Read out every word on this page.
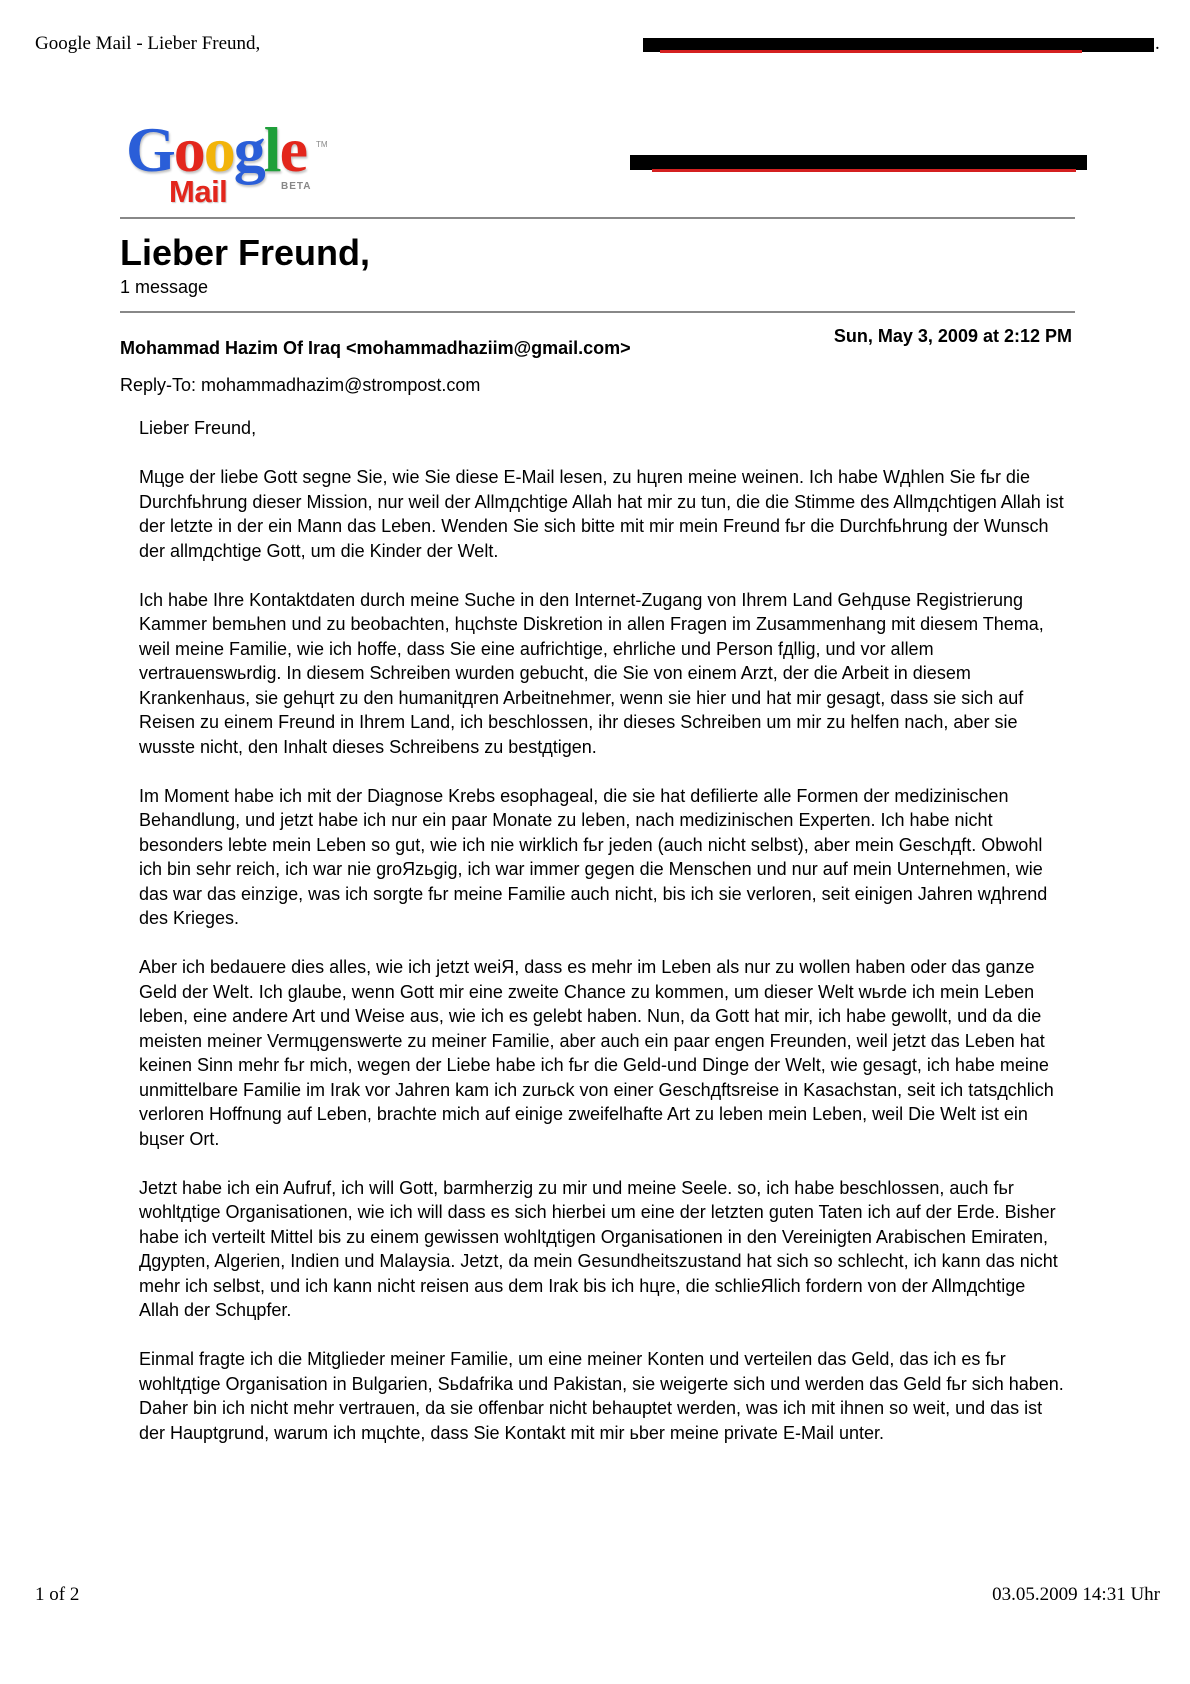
Google Mail - Lieber Freund,	.
Google TM
Mail	BETA
Lieber Freund,
1 message
Mohammad Hazim Of Iraq <mohammadhaziim@gmail.com>
Sun, May 3, 2009 at 2:12 PM
Reply-To: mohammadhazim@strompost.com

Lieber Freund,

Mцge der liebe Gott segne Sie, wie Sie diese E-Mail lesen, zu hцren meine weinen. Ich habe Wдhlen Sie fьr die Durchfьhrung dieser Mission, nur weil der Allmдchtige Allah hat mir zu tun, die die Stimme des Allmдchtigen Allah ist der letzte in der ein Mann das Leben. Wenden Sie sich bitte mit mir mein Freund fьr die Durchfьhrung der Wunsch der allmдchtige Gott, um die Kinder der Welt.

Ich habe Ihre Kontaktdaten durch meine Suche in den Internet-Zugang von Ihrem Land Gehдuse Registrierung Kammer bemьhen und zu beobachten, hцchste Diskretion in allen Fragen im Zusammenhang mit diesem Thema, weil meine Familie, wie ich hoffe, dass Sie eine aufrichtige, ehrliche und Person fдllig, und vor allem vertrauenswьrdig. In diesem Schreiben wurden gebucht, die Sie von einem Arzt, der die Arbeit in diesem Krankenhaus, sie gehцrt zu den humanitдren Arbeitnehmer, wenn sie hier und hat mir gesagt, dass sie sich auf Reisen zu einem Freund in Ihrem Land, ich beschlossen, ihr dieses Schreiben um mir zu helfen nach, aber sie wusste nicht, den Inhalt dieses Schreibens zu bestдtigen.

Im Moment habe ich mit der Diagnose Krebs esophageal, die sie hat defilierte alle Formen der medizinischen Behandlung, und jetzt habe ich nur ein paar Monate zu leben, nach medizinischen Experten. Ich habe nicht besonders lebte mein Leben so gut, wie ich nie wirklich fьr jeden (auch nicht selbst), aber mein Geschдft. Obwohl ich bin sehr reich, ich war nie groЯzьgig, ich war immer gegen die Menschen und nur auf mein Unternehmen, wie das war das einzige, was ich sorgte fьr meine Familie auch nicht, bis ich sie verloren, seit einigen Jahren wдhrend des Krieges.

Aber ich bedauere dies alles, wie ich jetzt weiЯ, dass es mehr im Leben als nur zu wollen haben oder das ganze Geld der Welt. Ich glaube, wenn Gott mir eine zweite Chance zu kommen, um dieser Welt wьrde ich mein Leben leben, eine andere Art und Weise aus, wie ich es gelebt haben. Nun, da Gott hat mir, ich habe gewollt, und da die meisten meiner Vermцgenswerte zu meiner Familie, aber auch ein paar engen Freunden, weil jetzt das Leben hat keinen Sinn mehr fьr mich, wegen der Liebe habe ich fьr die Geld-und Dinge der Welt, wie gesagt, ich habe meine unmittelbare Familie im Irak vor Jahren kam ich zurьck von einer Geschдftsreise in Kasachstan, seit ich tatsдchlich verloren Hoffnung auf Leben, brachte mich auf einige zweifelhafte Art zu leben mein Leben, weil Die Welt ist ein bцser Ort.

Jetzt habe ich ein Aufruf, ich will Gott, barmherzig zu mir und meine Seele. so, ich habe beschlossen, auch fьr wohltдtige Organisationen, wie ich will dass es sich hierbei um eine der letzten guten Taten ich auf der Erde. Bisher habe ich verteilt Mittel bis zu einem gewissen wohltдtigen Organisationen in den Vereinigten Arabischen Emiraten, Дgypten, Algerien, Indien und Malaysia. Jetzt, da mein Gesundheitszustand hat sich so schlecht, ich kann das nicht mehr ich selbst, und ich kann nicht reisen aus dem Irak bis ich hцre, die schlieЯlich fordern von der Allmдchtige Allah der Schцpfer.

Einmal fragte ich die Mitglieder meiner Familie, um eine meiner Konten und verteilen das Geld, das ich es fьr wohltдtige Organisation in Bulgarien, Sьdafrika und Pakistan, sie weigerte sich und werden das Geld fьr sich haben. Daher bin ich nicht mehr vertrauen, da sie offenbar nicht behauptet werden, was ich mit ihnen so weit, und das ist der Hauptgrund, warum ich mцchte, dass Sie Kontakt mit mir ьber meine private E-Mail unter.

1 of 2	03.05.2009 14:31 Uhr
